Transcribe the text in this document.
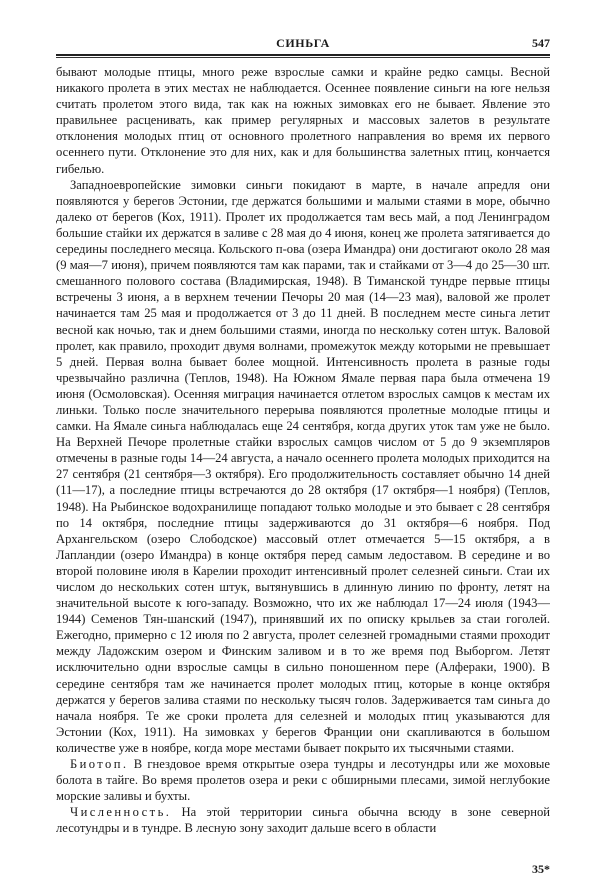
СИНЬГА	547

бывают молодые птицы, много реже взрослые самки и крайне редко самцы. Весной никакого пролета в этих местах не наблюдается. Осеннее появление синьги на юге нельзя считать пролетом этого вида, так как на южных зимовках его не бывает. Явление это правильнее расценивать, как пример регулярных и массовых залетов в результате отклонения молодых птиц от основного пролетного направления во время их первого осеннего пути. Отклонение это для них, как и для большинства залетных птиц, кончается гибелью.

Западноевропейские зимовки синьги покидают в марте, в начале апредля они появляются у берегов Эстонии, где держатся большими и малыми стаями в море, обычно далеко от берегов (Кох, 1911). Пролет их продолжается там весь май, а под Ленинградом большие стайки их держатся в заливе с 28 мая до 4 июня, конец же пролета затягивается до середины последнего месяца. Кольского п-ова (озера Имандра) они достигают около 28 мая (9 мая—7 июня), причем появляются там как парами, так и стайками от 3—4 до 25—30 шт. смешанного полового состава (Владимирская, 1948). В Тиманской тундре первые птицы встречены 3 июня, а в верхнем течении Печоры 20 мая (14—23 мая), валовой же пролет начинается там 25 мая и продолжается от 3 до 11 дней. В последнем месте синьга летит весной как ночью, так и днем большими стаями, иногда по нескольку сотен штук. Валовой пролет, как правило, проходит двумя волнами, промежуток между которыми не превышает 5 дней. Первая волна бывает более мощной. Интенсивность пролета в разные годы чрезвычайно различна (Теплов, 1948). На Южном Ямале первая пара была отмечена 19 июня (Осмоловская). Осенняя миграция начинается отлетом взрослых самцов к местам их линьки. Только после значительного перерыва появляются пролетные молодые птицы и самки. На Ямале синьга наблюдалась еще 24 сентября, когда других уток там уже не было. На Верхней Печоре пролетные стайки взрослых самцов числом от 5 до 9 экземпляров отмечены в разные годы 14—24 августа, а начало осеннего пролета молодых приходится на 27 сентября (21 сентября—3 октября). Его продолжительность составляет обычно 14 дней (11—17), а последние птицы встречаются до 28 октября (17 октября—1 ноября) (Теплов, 1948). На Рыбинское водохранилище попадают только молодые и это бывает с 28 сентября по 14 октября, последние птицы задерживаются до 31 октября—6 ноября. Под Архангельском (озеро Слободское) массовый отлет отмечается 5—15 октября, а в Лапландии (озеро Имандра) в конце октября перед самым ледоставом. В середине и во второй половине июля в Карелии проходит интенсивный пролет селезней синьги. Стаи их числом до нескольких сотен штук, вытянувшись в длинную линию по фронту, летят на значительной высоте к юго-западу. Возможно, что их же наблюдал 17—24 июля (1943—1944) Семенов Тян-шанский (1947), принявший их по описку крыльев за стаи гоголей. Ежегодно, примерно с 12 июля по 2 августа, пролет селезней громадными стаями проходит между Ладожским озером и Финским заливом и в то же время под Выборгом. Летят исключительно одни взрослые самцы в сильно поношенном пере (Алфераки, 1900). В середине сентября там же начинается пролет молодых птиц, которые в конце октября держатся у берегов залива стаями по нескольку тысяч голов. Задерживается там синьга до начала ноября. Те же сроки пролета для селезней и молодых птиц указываются для Эстонии (Кох, 1911). На зимовках у берегов Франции они скапливаются в большом количестве уже в ноябре, когда море местами бывает покрыто их тысячными стаями.

Биотоп. В гнездовое время открытые озера тундры и лесотундры или же моховые болота в тайге. Во время пролетов озера и реки с обширными плесами, зимой неглубокие морские заливы и бухты.

Численность. На этой территории синьга обычна всюду в зоне северной лесотундры и в тундре. В лесную зону заходит дальше всего в области

35*
